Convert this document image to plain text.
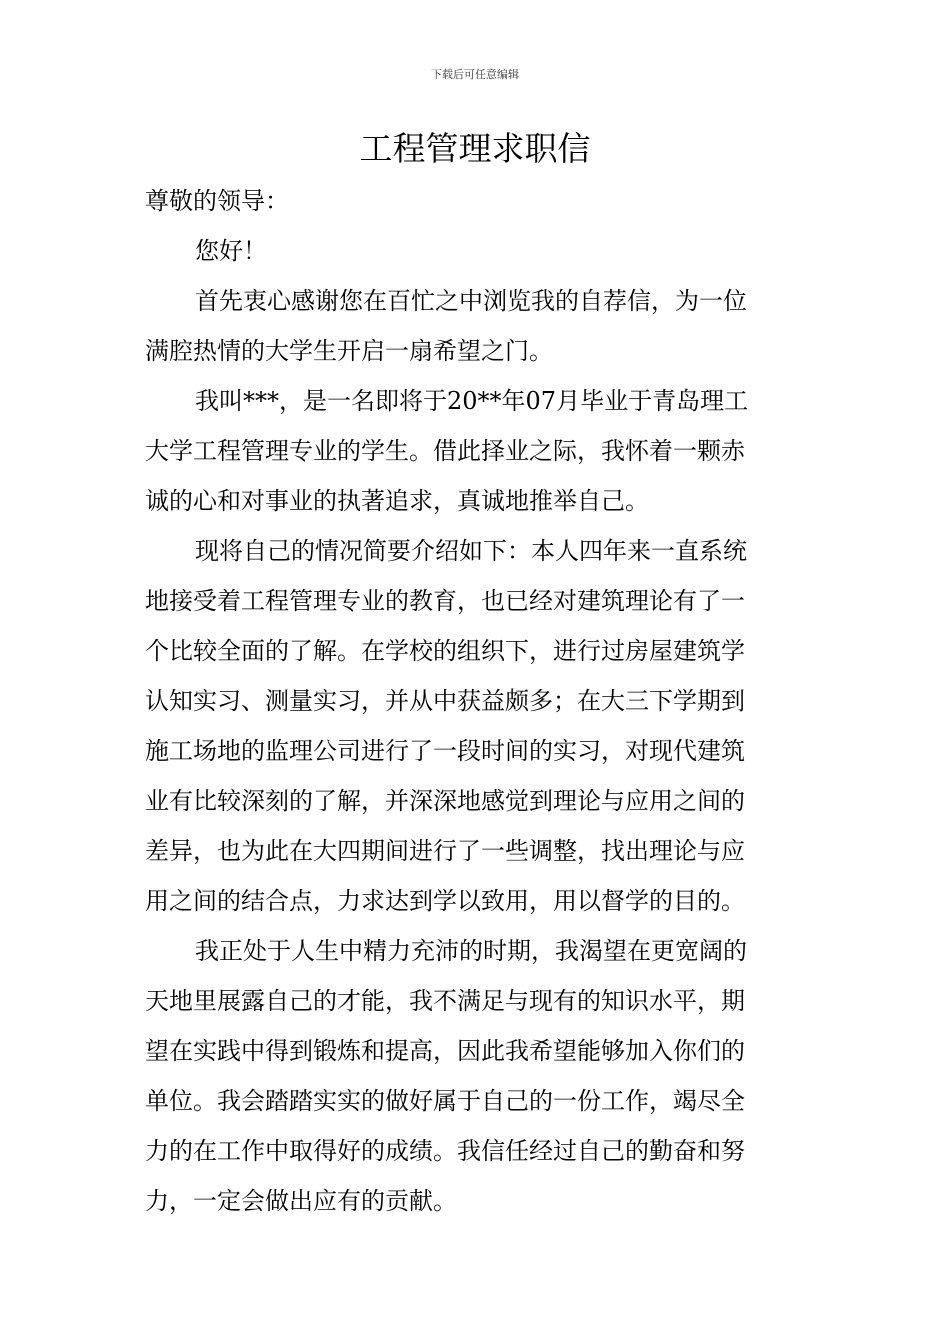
下载后可任意编辑
工程管理求职信
尊敬的领导：
您好！
首先衷心感谢您在百忙之中浏览我的自荐信，为一位
满腔热情的大学生开启一扇希望之门。
我叫***，是一名即将于20**年07月毕业于青岛理工
大学工程管理专业的学生。借此择业之际，我怀着一颗赤
诚的心和对事业的执著追求，真诚地推举自己。
现将自己的情况简要介绍如下：本人四年来一直系统
地接受着工程管理专业的教育，也已经对建筑理论有了一
个比较全面的了解。在学校的组织下，进行过房屋建筑学
认知实习、测量实习，并从中获益颇多；在大三下学期到
施工场地的监理公司进行了一段时间的实习，对现代建筑
业有比较深刻的了解，并深深地感觉到理论与应用之间的
差异，也为此在大四期间进行了一些调整，找出理论与应
用之间的结合点，力求达到学以致用，用以督学的目的。
我正处于人生中精力充沛的时期，我渴望在更宽阔的
天地里展露自己的才能，我不满足与现有的知识水平，期
望在实践中得到锻炼和提高，因此我希望能够加入你们的
单位。我会踏踏实实的做好属于自己的一份工作，竭尽全
力的在工作中取得好的成绩。我信任经过自己的勤奋和努
力，一定会做出应有的贡献。
